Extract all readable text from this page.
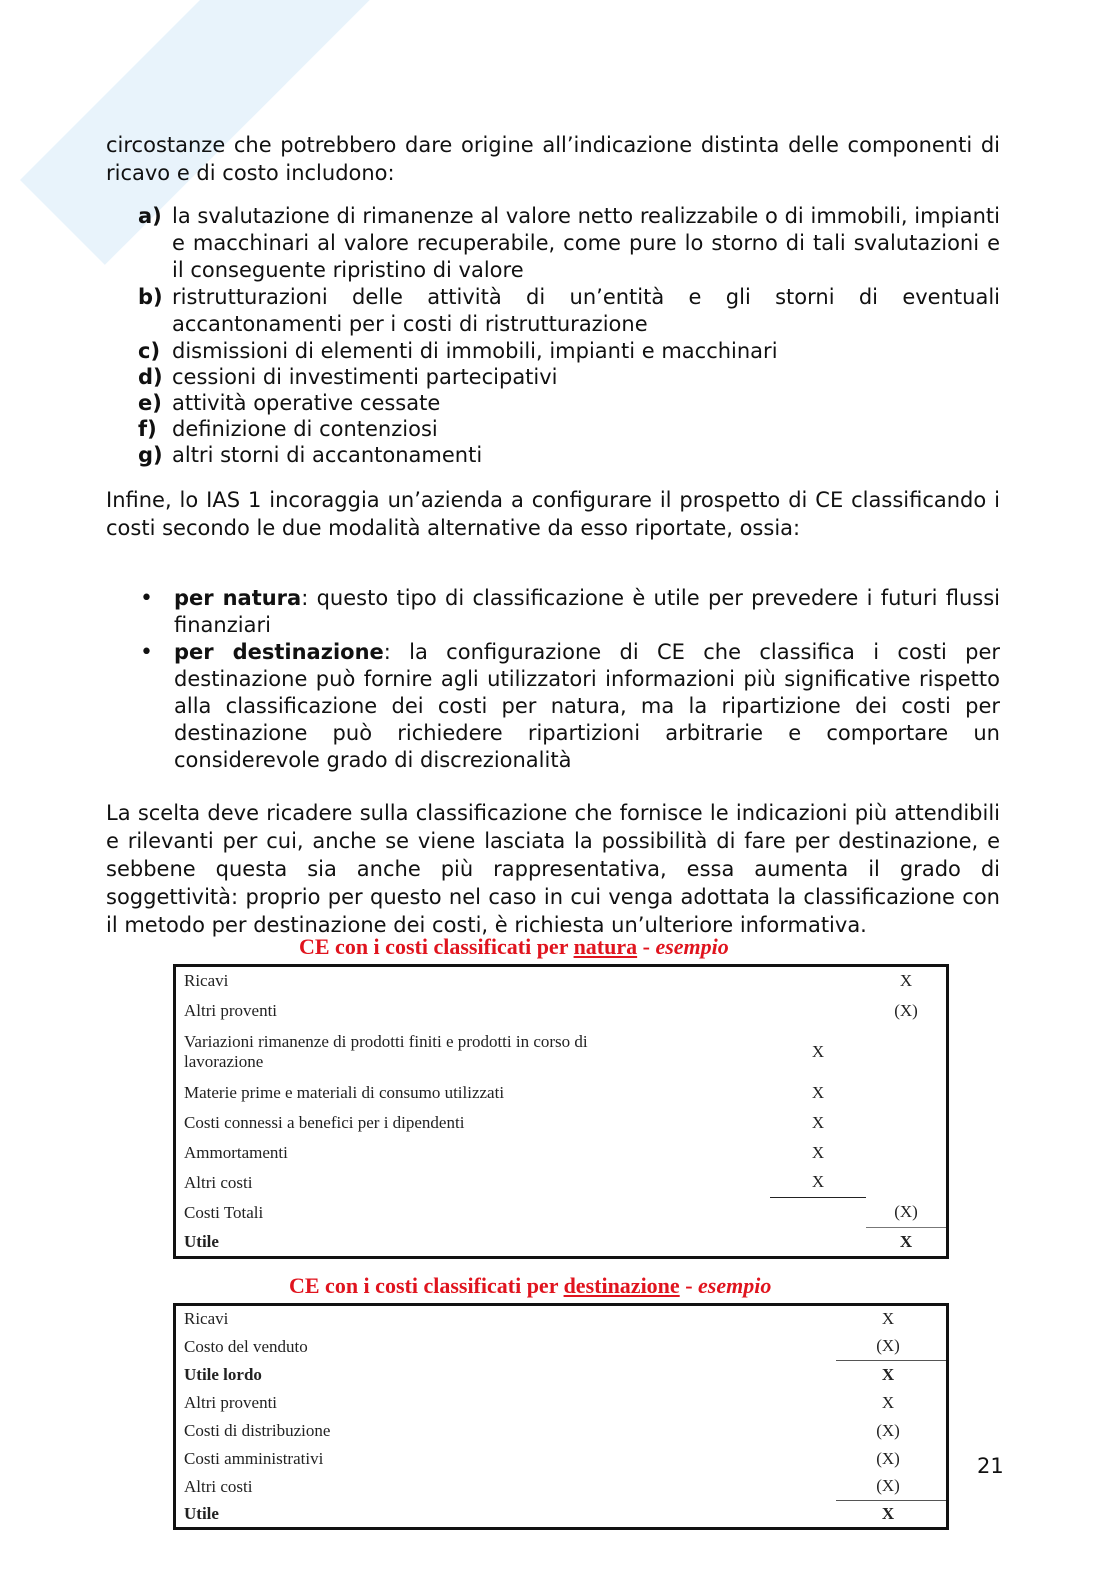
circostanze che potrebbero dare origine all’indicazione distinta delle componenti di ricavo e di costo includono:
a) la svalutazione di rimanenze al valore netto realizzabile o di immobili, impianti e macchinari al valore recuperabile, come pure lo storno di tali svalutazioni e il conseguente ripristino di valore
b) ristrutturazioni delle attività di un’entità e gli storni di eventuali accantonamenti per i costi di ristrutturazione
c) dismissioni di elementi di immobili, impianti e macchinari
d) cessioni di investimenti partecipativi
e) attività operative cessate
f) definizione di contenziosi
g) altri storni di accantonamenti
Infine, lo IAS 1 incoraggia un’azienda a configurare il prospetto di CE classificando i costi secondo le due modalità alternative da esso riportate, ossia:
•	per natura: questo tipo di classificazione è utile per prevedere i futuri flussi finanziari
•	per destinazione: la configurazione di CE che classifica i costi per destinazione può fornire agli utilizzatori informazioni più significative rispetto alla classificazione dei costi per natura, ma la ripartizione dei costi per destinazione può richiedere ripartizioni arbitrarie e comportare un considerevole grado di discrezionalità
La scelta deve ricadere sulla classificazione che fornisce le indicazioni più attendibili e rilevanti per cui, anche se viene lasciata la possibilità di fare per destinazione, e sebbene questa sia anche più rappresentativa, essa aumenta il grado di soggettività: proprio per questo nel caso in cui venga adottata la classificazione con il metodo per destinazione dei costi, è richiesta un’ulteriore informativa.
CE con i costi classificati per natura - esempio
Ricavi		X
Altri proventi		(X)
Variazioni rimanenze di prodotti finiti e prodotti in corso di lavorazione	X	
Materie prime e materiali di consumo utilizzati	X	
Costi connessi a benefici per i dipendenti	X	
Ammortamenti	X	
Altri costi	X	
Costi Totali		(X)
Utile		X
CE con i costi classificati per destinazione - esempio
Ricavi	X
Costo del venduto	(X)
Utile lordo	X
Altri proventi	X
Costi di distribuzione	(X)
Costi amministrativi	(X)
Altri costi	(X)
Utile	X
21
